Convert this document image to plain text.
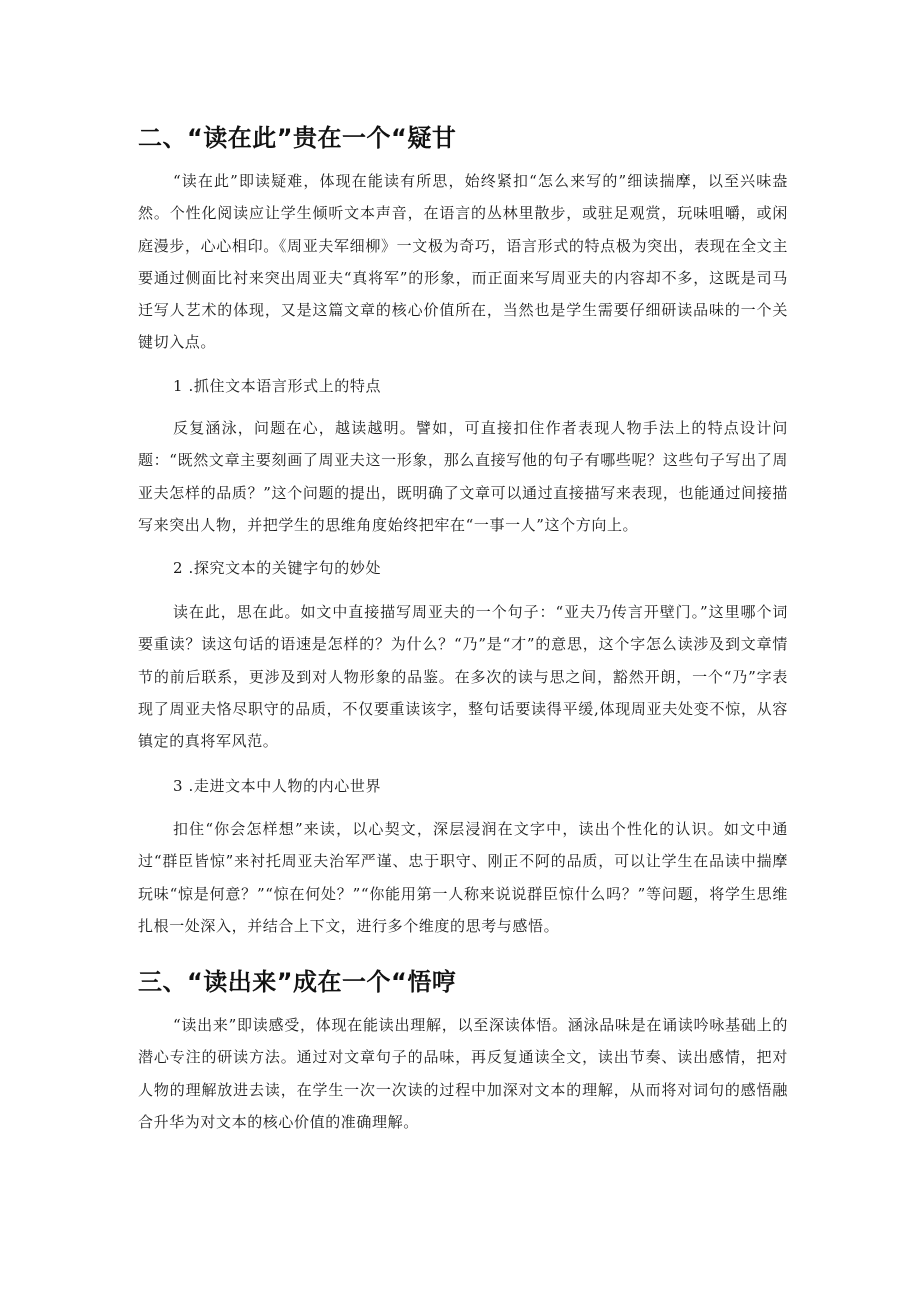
二、“读在此”贵在一个“疑甘

“读在此”即读疑难，体现在能读有所思，始终紧扣“怎么来写的”细读揣摩，以至兴味盎然。个性化阅读应让学生倾听文本声音，在语言的丛林里散步，或驻足观赏，玩味咀嚼，或闲庭漫步，心心相印。《周亚夫军细柳》一文极为奇巧，语言形式的特点极为突出，表现在全文主要通过侧面比衬来突出周亚夫“真将军”的形象，而正面来写周亚夫的内容却不多，这既是司马迁写人艺术的体现，又是这篇文章的核心价值所在，当然也是学生需要仔细研读品味的一个关键切入点。

1 .抓住文本语言形式上的特点

反复涵泳，问题在心，越读越明。譬如，可直接扣住作者表现人物手法上的特点设计问题：“既然文章主要刻画了周亚夫这一形象，那么直接写他的句子有哪些呢？这些句子写出了周亚夫怎样的品质？”这个问题的提出，既明确了文章可以通过直接描写来表现，也能通过间接描写来突出人物，并把学生的思维角度始终把牢在“一事一人”这个方向上。

2 .探究文本的关键字句的妙处

读在此，思在此。如文中直接描写周亚夫的一个句子：“亚夫乃传言开壁门。”这里哪个词要重读？读这句话的语速是怎样的？为什么？“乃”是“才”的意思，这个字怎么读涉及到文章情节的前后联系，更涉及到对人物形象的品鉴。在多次的读与思之间，豁然开朗，一个“乃”字表现了周亚夫恪尽职守的品质，不仅要重读该字，整句话要读得平缓,体现周亚夫处变不惊，从容镇定的真将军风范。

3 .走进文本中人物的内心世界

扣住“你会怎样想”来读，以心契文，深层浸润在文字中，读出个性化的认识。如文中通过“群臣皆惊”来衬托周亚夫治军严谨、忠于职守、刚正不阿的品质，可以让学生在品读中揣摩玩味“惊是何意？”“惊在何处？”“你能用第一人称来说说群臣惊什么吗？”等问题，将学生思维扎根一处深入，并结合上下文，进行多个维度的思考与感悟。

三、“读出来”成在一个“悟哼

“读出来”即读感受，体现在能读出理解，以至深读体悟。涵泳品味是在诵读吟咏基础上的潜心专注的研读方法。通过对文章句子的品味，再反复通读全文，读出节奏、读出感情，把对人物的理解放进去读，在学生一次一次读的过程中加深对文本的理解，从而将对词句的感悟融合升华为对文本的核心价值的准确理解。
